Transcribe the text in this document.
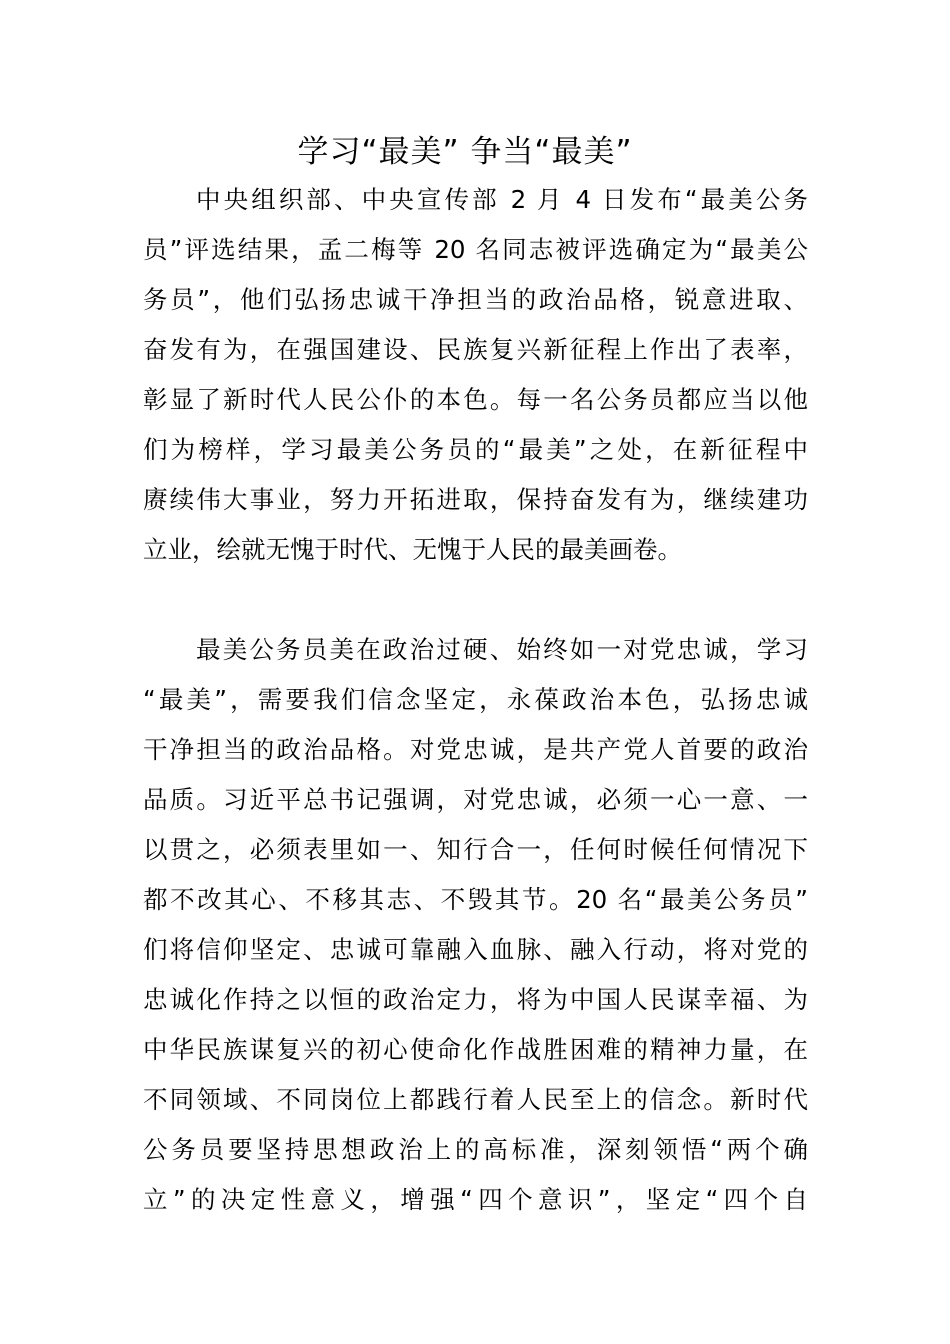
学习“最美” 争当“最美”
中央组织部、中央宣传部 2 月 4 日发布“最美公务
员”评选结果，孟二梅等 20 名同志被评选确定为“最美公
务员”，他们弘扬忠诚干净担当的政治品格，锐意进取、
奋发有为，在强国建设、民族复兴新征程上作出了表率，
彰显了新时代人民公仆的本色。每一名公务员都应当以他
们为榜样，学习最美公务员的“最美”之处，在新征程中
赓续伟大事业，努力开拓进取，保持奋发有为，继续建功
立业，绘就无愧于时代、无愧于人民的最美画卷。
最美公务员美在政治过硬、始终如一对党忠诚，学习
“最美”，需要我们信念坚定，永葆政治本色，弘扬忠诚
干净担当的政治品格。对党忠诚，是共产党人首要的政治
品质。习近平总书记强调，对党忠诚，必须一心一意、一
以贯之，必须表里如一、知行合一，任何时候任何情况下
都不改其心、不移其志、不毁其节。20 名“最美公务员”
们将信仰坚定、忠诚可靠融入血脉、融入行动，将对党的
忠诚化作持之以恒的政治定力，将为中国人民谋幸福、为
中华民族谋复兴的初心使命化作战胜困难的精神力量，在
不同领域、不同岗位上都践行着人民至上的信念。新时代
公务员要坚持思想政治上的高标准，深刻领悟“两个确
立”的决定性意义，增强“四个意识”，坚定“四个自
